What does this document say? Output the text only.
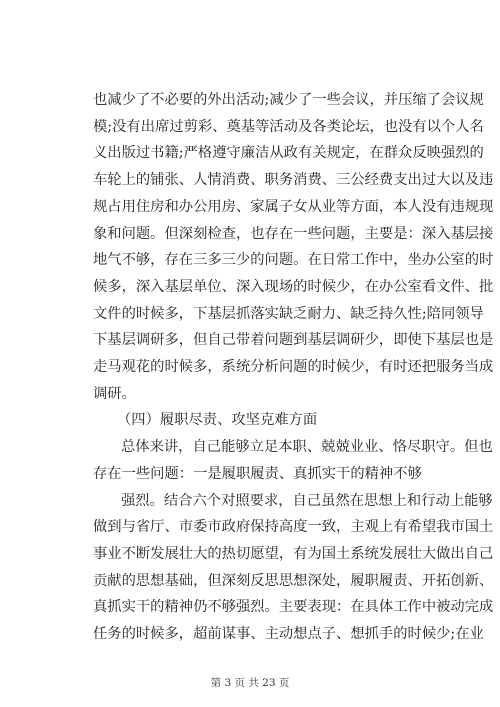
也减少了不必要的外出活动;减少了一些会议，并压缩了会议规
模;没有出席过剪彩、奠基等活动及各类论坛，也没有以个人名
义出版过书籍;严格遵守廉洁从政有关规定，在群众反映强烈的
车轮上的铺张、人情消费、职务消费、三公经费支出过大以及违
规占用住房和办公用房、家属子女从业等方面，本人没有违规现
象和问题。但深刻检查，也存在一些问题，主要是：深入基层接
地气不够，存在三多三少的问题。在日常工作中，坐办公室的时
候多，深入基层单位、深入现场的时候少，在办公室看文件、批
文件的时候多，下基层抓落实缺乏耐力、缺乏持久性;陪同领导
下基层调研多，但自己带着问题到基层调研少，即使下基层也是
走马观花的时候多，系统分析问题的时候少，有时还把服务当成
调研。
（四）履职尽责、攻坚克难方面
总体来讲，自己能够立足本职、兢兢业业、恪尽职守。但也
存在一些问题：一是履职履责、真抓实干的精神不够
强烈。结合六个对照要求，自己虽然在思想上和行动上能够
做到与省厅、市委市政府保持高度一致，主观上有希望我市国土
事业不断发展壮大的热切愿望，有为国土系统发展壮大做出自己
贡献的思想基础，但深刻反思思想深处，履职履责、开拓创新、
真抓实干的精神仍不够强烈。主要表现：在具体工作中被动完成
任务的时候多，超前谋事、主动想点子、想抓手的时候少;在业
第 3 页 共 23 页
